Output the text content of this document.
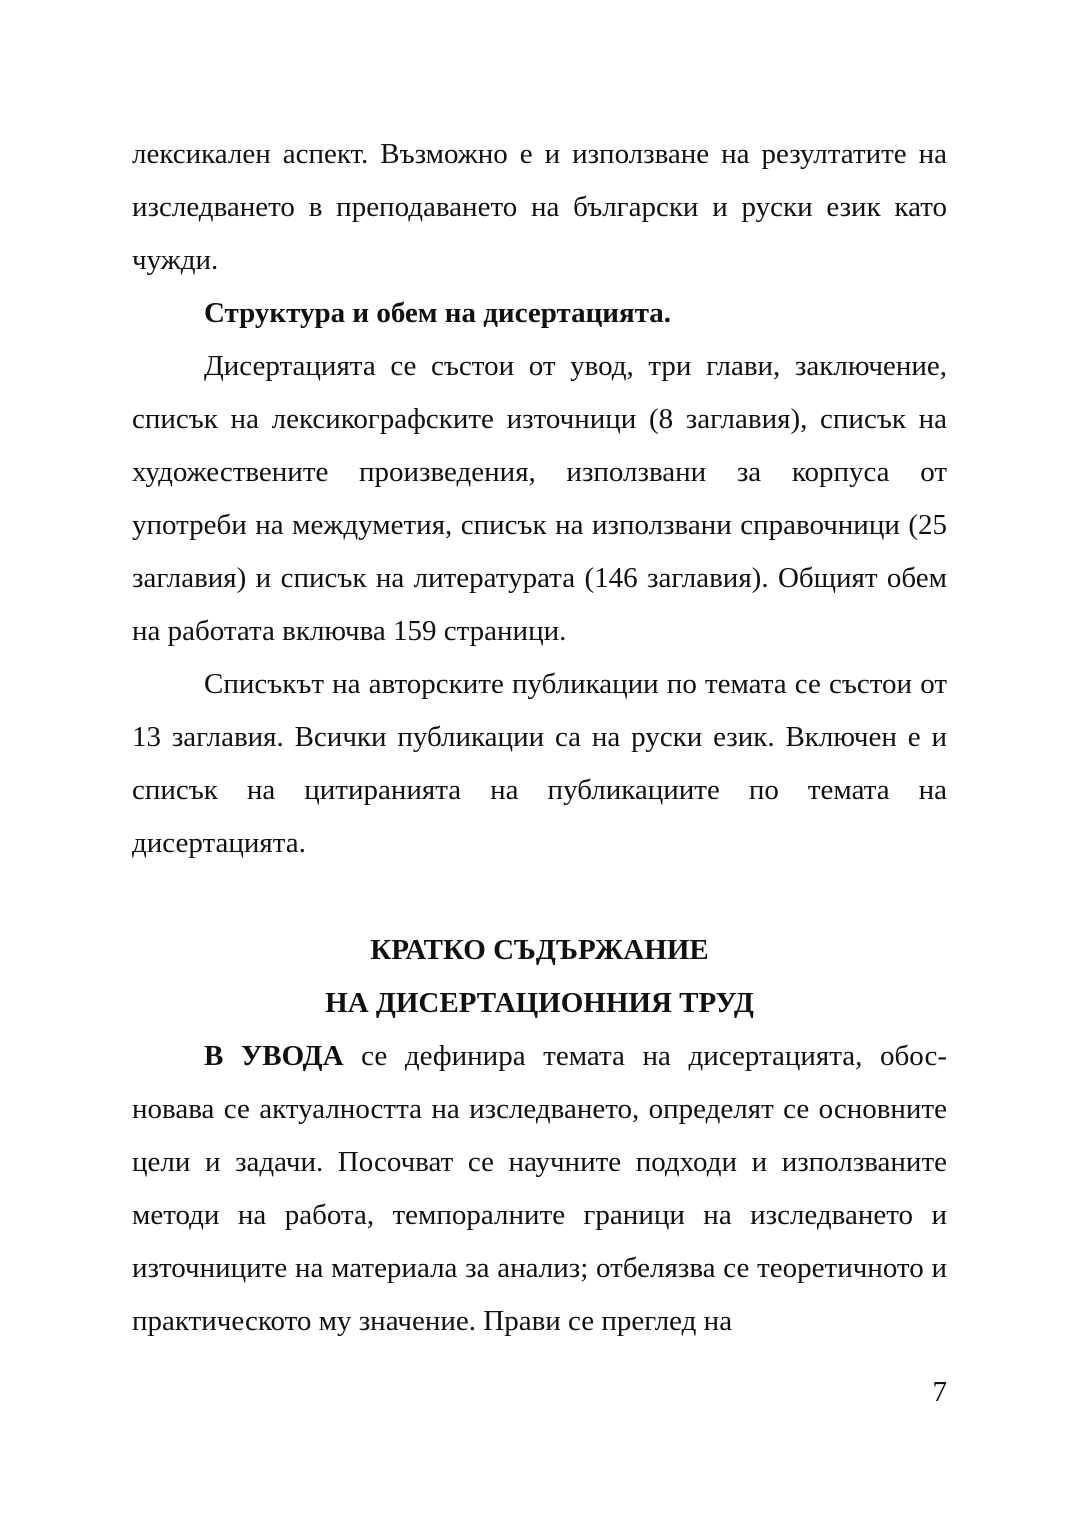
лексикален аспект. Възможно е и използване на резултатите на изследването в преподаването на български и руски език като чужди.

Структура и обем на дисертацията.

Дисертацията се състои от увод, три глави, заключение, списък на лексикографските източници (8 заглавия), списък на художествените произведения, използвани за корпуса от употреби на междуметия, списък на използвани справочници (25 заглавия) и списък на литературата (146 заглавия). Общият обем на работата включва 159 страници.

Списъкът на авторските публикации по темата се състои от 13 заглавия. Всички публикации са на руски език. Включен е и списък на цитиранията на публикациите по темата на дисертацията.

КРАТКО СЪДЪРЖАНИЕ

НА ДИСЕРТАЦИОННИЯ ТРУД

В УВОДА се дефинира темата на дисертацията, обосновава се актуалността на изследването, определят се основните цели и задачи. Посочват се научните подходи и използваните методи на работа, темпоралните граници на изследването и източниците на материала за анализ; отбелязва се теоретичното и практическото му значение. Прави се преглед на

7
